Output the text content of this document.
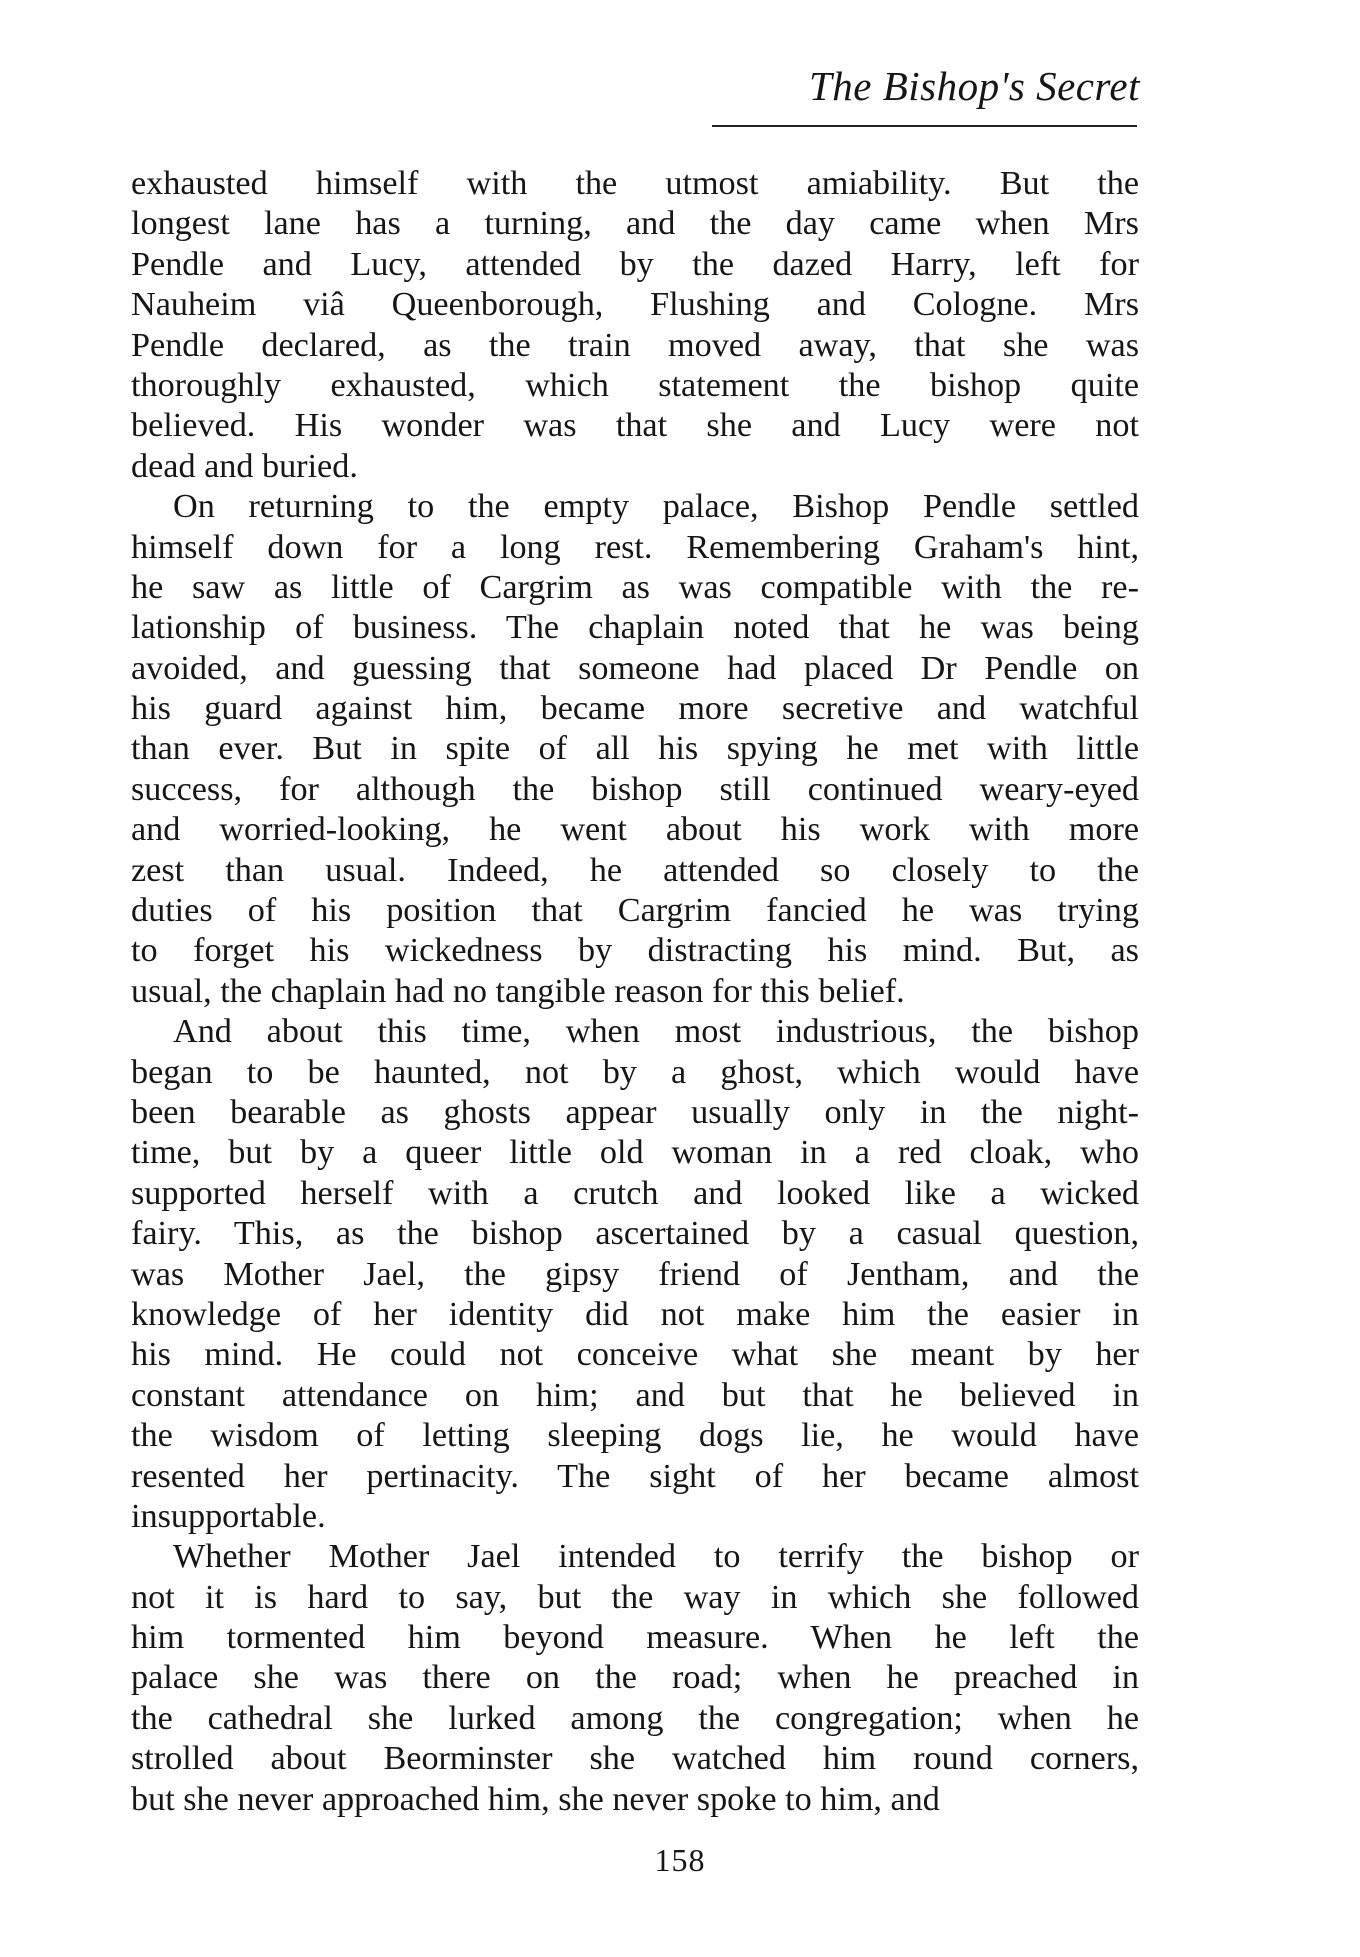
The Bishop's Secret

exhausted himself with the utmost amiability. But the
longest lane has a turning, and the day came when Mrs
Pendle and Lucy, attended by the dazed Harry, left for
Nauheim viâ Queenborough, Flushing and Cologne. Mrs
Pendle declared, as the train moved away, that she was
thoroughly exhausted, which statement the bishop quite
believed. His wonder was that she and Lucy were not
dead and buried.

On returning to the empty palace, Bishop Pendle settled
himself down for a long rest. Remembering Graham's hint,
he saw as little of Cargrim as was compatible with the re-
lationship of business. The chaplain noted that he was being
avoided, and guessing that someone had placed Dr Pendle on
his guard against him, became more secretive and watchful
than ever. But in spite of all his spying he met with little
success, for although the bishop still continued weary-eyed
and worried-looking, he went about his work with more
zest than usual. Indeed, he attended so closely to the
duties of his position that Cargrim fancied he was trying
to forget his wickedness by distracting his mind. But, as
usual, the chaplain had no tangible reason for this belief.

And about this time, when most industrious, the bishop
began to be haunted, not by a ghost, which would have
been bearable as ghosts appear usually only in the night-
time, but by a queer little old woman in a red cloak, who
supported herself with a crutch and looked like a wicked
fairy. This, as the bishop ascertained by a casual question,
was Mother Jael, the gipsy friend of Jentham, and the
knowledge of her identity did not make him the easier in
his mind. He could not conceive what she meant by her
constant attendance on him; and but that he believed in
the wisdom of letting sleeping dogs lie, he would have
resented her pertinacity. The sight of her became almost
insupportable.

Whether Mother Jael intended to terrify the bishop or
not it is hard to say, but the way in which she followed
him tormented him beyond measure. When he left the
palace she was there on the road; when he preached in
the cathedral she lurked among the congregation; when he
strolled about Beorminster she watched him round corners,
but she never approached him, she never spoke to him, and

158
